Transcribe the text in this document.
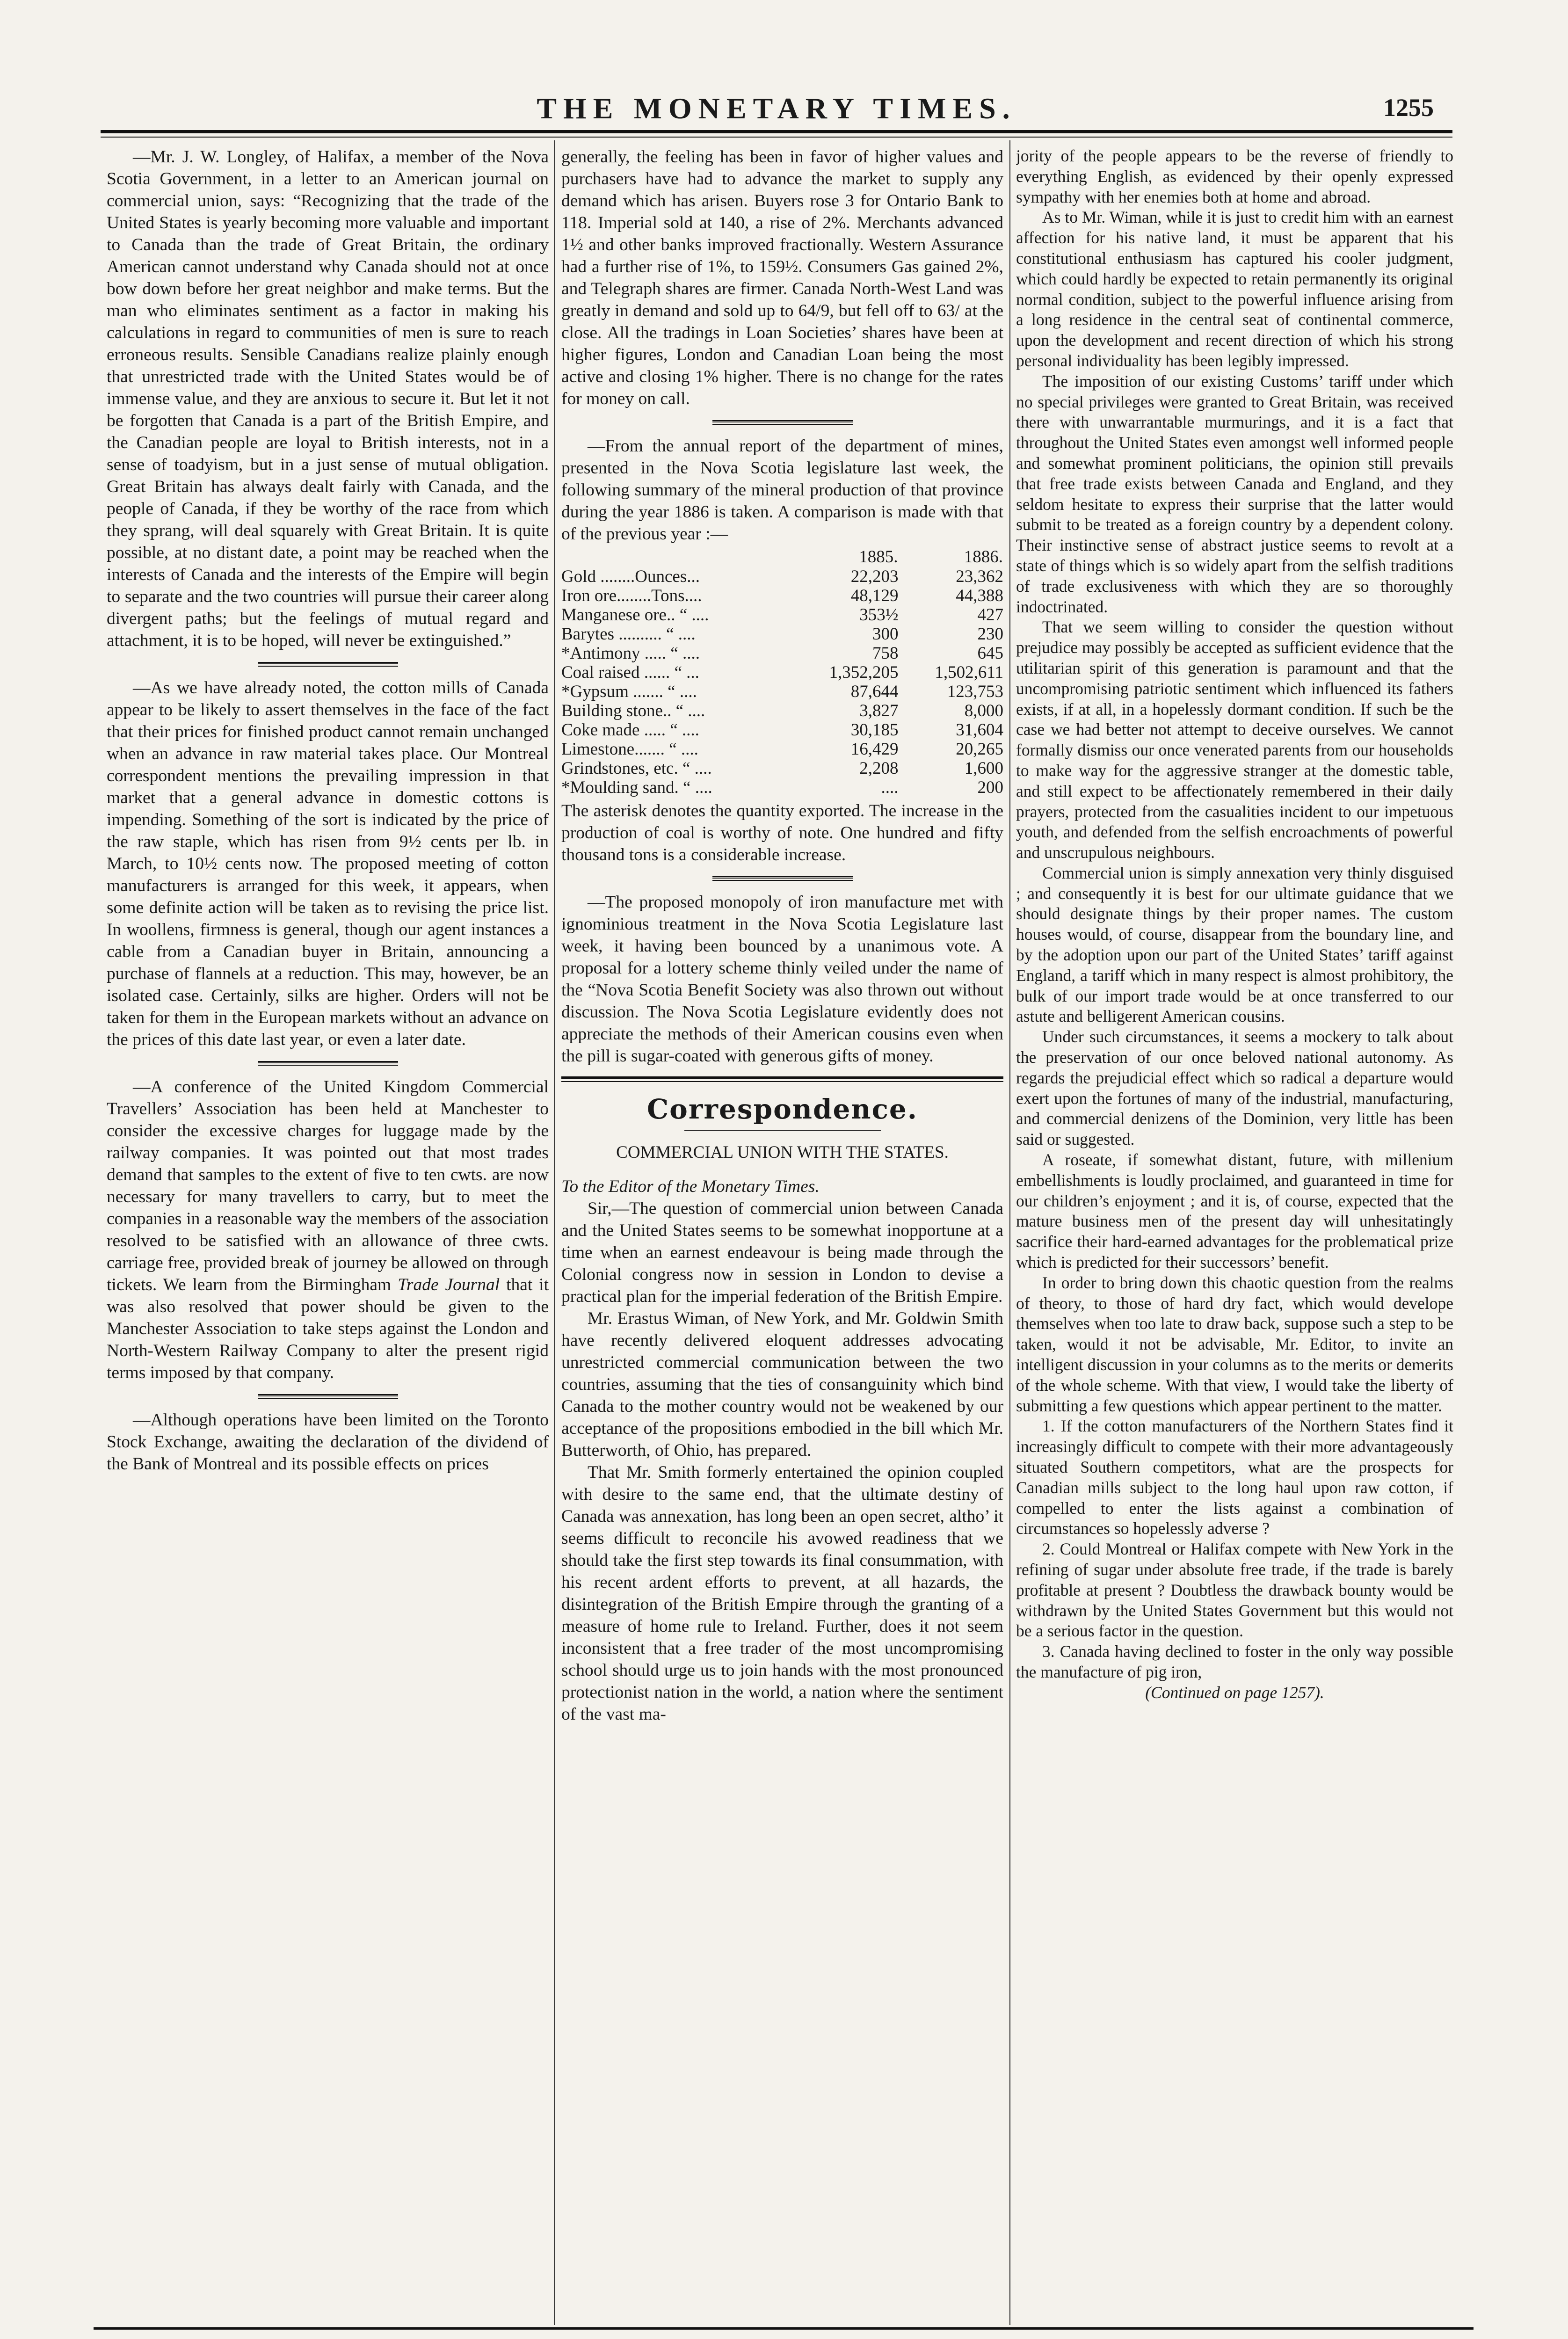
THE MONETARY TIMES.	1255

—Mr. J. W. Longley, of Halifax, a member of the Nova Scotia Government, in a letter to an American journal on commercial union, says: “Recognizing that the trade of the United States is yearly becoming more valuable and important to Canada than the trade of Great Britain, the ordinary American cannot understand why Canada should not at once bow down before her great neighbor and make terms. But the man who eliminates sentiment as a factor in making his calculations in regard to communities of men is sure to reach erroneous results. Sensible Canadians realize plainly enough that unrestricted trade with the United States would be of immense value, and they are anxious to secure it. But let it not be forgotten that Canada is a part of the British Empire, and the Canadian people are loyal to British interests, not in a sense of toadyism, but in a just sense of mutual obligation. Great Britain has always dealt fairly with Canada, and the people of Canada, if they be worthy of the race from which they sprang, will deal squarely with Great Britain. It is quite possible, at no distant date, a point may be reached when the interests of Canada and the interests of the Empire will begin to separate and the two countries will pursue their career along divergent paths; but the feelings of mutual regard and attachment, it is to be hoped, will never be extinguished.”

—As we have already noted, the cotton mills of Canada appear to be likely to assert themselves in the face of the fact that their prices for finished product cannot remain unchanged when an advance in raw material takes place. Our Montreal correspondent mentions the prevailing impression in that market that a general advance in domestic cottons is impending. Something of the sort is indicated by the price of the raw staple, which has risen from 9½ cents per lb. in March, to 10½ cents now. The proposed meeting of cotton manufacturers is arranged for this week, it appears, when some definite action will be taken as to revising the price list. In woollens, firmness is general, though our agent instances a cable from a Canadian buyer in Britain, announcing a purchase of flannels at a reduction. This may, however, be an isolated case. Certainly, silks are higher. Orders will not be taken for them in the European markets without an advance on the prices of this date last year, or even a later date.

—A conference of the United Kingdom Commercial Travellers’ Association has been held at Manchester to consider the excessive charges for luggage made by the railway companies. It was pointed out that most trades demand that samples to the extent of five to ten cwts. are now necessary for many travellers to carry, but to meet the companies in a reasonable way the members of the association resolved to be satisfied with an allowance of three cwts. carriage free, provided break of journey be allowed on through tickets. We learn from the Birmingham Trade Journal that it was also resolved that power should be given to the Manchester Association to take steps against the London and North-Western Railway Company to alter the present rigid terms imposed by that company.

—Although operations have been limited on the Toronto Stock Exchange, awaiting the declaration of the dividend of the Bank of Montreal and its possible effects on prices

generally, the feeling has been in favor of higher values and purchasers have had to advance the market to supply any demand which has arisen. Buyers rose 3 for Ontario Bank to 118. Imperial sold at 140, a rise of 2%. Merchants advanced 1½ and other banks improved fractionally. Western Assurance had a further rise of 1%, to 159½. Consumers Gas gained 2%, and Telegraph shares are firmer. Canada North-West Land was greatly in demand and sold up to 64/9, but fell off to 63/ at the close. All the tradings in Loan Societies’ shares have been at higher figures, London and Canadian Loan being the most active and closing 1% higher. There is no change for the rates for money on call.

—From the annual report of the department of mines, presented in the Nova Scotia legislature last week, the following summary of the mineral production of that province during the year 1886 is taken. A comparison is made with that of the previous year :—

	1885.	1886.
Gold ........Ounces...	22,203	23,362
Iron ore........Tons....	48,129	44,388
Manganese ore.. “ ....	353½	427
Barytes .......... “ ....	300	230
*Antimony ..... “ ....	758	645
Coal raised ...... “ ...	1,352,205	1,502,611
*Gypsum ....... “ ....	87,644	123,753
Building stone.. “ ....	3,827	8,000
Coke made ..... “ ....	30,185	31,604
Limestone....... “ ....	16,429	20,265
Grindstones, etc. “ ....	2,208	1,600
*Moulding sand. “ ....	....	200

The asterisk denotes the quantity exported. The increase in the production of coal is worthy of note. One hundred and fifty thousand tons is a considerable increase.

—The proposed monopoly of iron manufacture met with ignominious treatment in the Nova Scotia Legislature last week, it having been bounced by a unanimous vote. A proposal for a lottery scheme thinly veiled under the name of the “Nova Scotia Benefit Society was also thrown out without discussion. The Nova Scotia Legislature evidently does not appreciate the methods of their American cousins even when the pill is sugar-coated with generous gifts of money.

Correspondence.
COMMERCIAL UNION WITH THE STATES.

To the Editor of the Monetary Times.

Sir,—The question of commercial union between Canada and the United States seems to be somewhat inopportune at a time when an earnest endeavour is being made through the Colonial congress now in session in London to devise a practical plan for the imperial federation of the British Empire.

Mr. Erastus Wiman, of New York, and Mr. Goldwin Smith have recently delivered eloquent addresses advocating unrestricted commercial communication between the two countries, assuming that the ties of consanguinity which bind Canada to the mother country would not be weakened by our acceptance of the propositions embodied in the bill which Mr. Butterworth, of Ohio, has prepared.

That Mr. Smith formerly entertained the opinion coupled with desire to the same end, that the ultimate destiny of Canada was annexation, has long been an open secret, altho’ it seems difficult to reconcile his avowed readiness that we should take the first step towards its final consummation, with his recent ardent efforts to prevent, at all hazards, the disintegration of the British Empire through the granting of a measure of home rule to Ireland. Further, does it not seem inconsistent that a free trader of the most uncompromising school should urge us to join hands with the most pronounced protectionist nation in the world, a nation where the sentiment of the vast ma-

jority of the people appears to be the reverse of friendly to everything English, as evidenced by their openly expressed sympathy with her enemies both at home and abroad.

As to Mr. Wiman, while it is just to credit him with an earnest affection for his native land, it must be apparent that his constitutional enthusiasm has captured his cooler judgment, which could hardly be expected to retain permanently its original normal condition, subject to the powerful influence arising from a long residence in the central seat of continental commerce, upon the development and recent direction of which his strong personal individuality has been legibly impressed.

The imposition of our existing Customs’ tariff under which no special privileges were granted to Great Britain, was received there with unwarrantable murmurings, and it is a fact that throughout the United States even amongst well informed people and somewhat prominent politicians, the opinion still prevails that free trade exists between Canada and England, and they seldom hesitate to express their surprise that the latter would submit to be treated as a foreign country by a dependent colony. Their instinctive sense of abstract justice seems to revolt at a state of things which is so widely apart from the selfish traditions of trade exclusiveness with which they are so thoroughly indoctrinated.

That we seem willing to consider the question without prejudice may possibly be accepted as sufficient evidence that the utilitarian spirit of this generation is paramount and that the uncompromising patriotic sentiment which influenced its fathers exists, if at all, in a hopelessly dormant condition. If such be the case we had better not attempt to deceive ourselves. We cannot formally dismiss our once venerated parents from our households to make way for the aggressive stranger at the domestic table, and still expect to be affectionately remembered in their daily prayers, protected from the casualities incident to our impetuous youth, and defended from the selfish encroachments of powerful and unscrupulous neighbours.

Commercial union is simply annexation very thinly disguised ; and consequently it is best for our ultimate guidance that we should designate things by their proper names. The custom houses would, of course, disappear from the boundary line, and by the adoption upon our part of the United States’ tariff against England, a tariff which in many respect is almost prohibitory, the bulk of our import trade would be at once transferred to our astute and belligerent American cousins.

Under such circumstances, it seems a mockery to talk about the preservation of our once beloved national autonomy. As regards the prejudicial effect which so radical a departure would exert upon the fortunes of many of the industrial, manufacturing, and commercial denizens of the Dominion, very little has been said or suggested.

A roseate, if somewhat distant, future, with millenium embellishments is loudly proclaimed, and guaranteed in time for our children’s enjoyment ; and it is, of course, expected that the mature business men of the present day will unhesitatingly sacrifice their hard-earned advantages for the problematical prize which is predicted for their successors’ benefit.

In order to bring down this chaotic question from the realms of theory, to those of hard dry fact, which would develope themselves when too late to draw back, suppose such a step to be taken, would it not be advisable, Mr. Editor, to invite an intelligent discussion in your columns as to the merits or demerits of the whole scheme. With that view, I would take the liberty of submitting a few questions which appear pertinent to the matter.

1. If the cotton manufacturers of the Northern States find it increasingly difficult to compete with their more advantageously situated Southern competitors, what are the prospects for Canadian mills subject to the long haul upon raw cotton, if compelled to enter the lists against a combination of circumstances so hopelessly adverse ?

2. Could Montreal or Halifax compete with New York in the refining of sugar under absolute free trade, if the trade is barely profitable at present ? Doubtless the drawback bounty would be withdrawn by the United States Government but this would not be a serious factor in the question.

3. Canada having declined to foster in the only way possible the manufacture of pig iron,

(Continued on page 1257).
